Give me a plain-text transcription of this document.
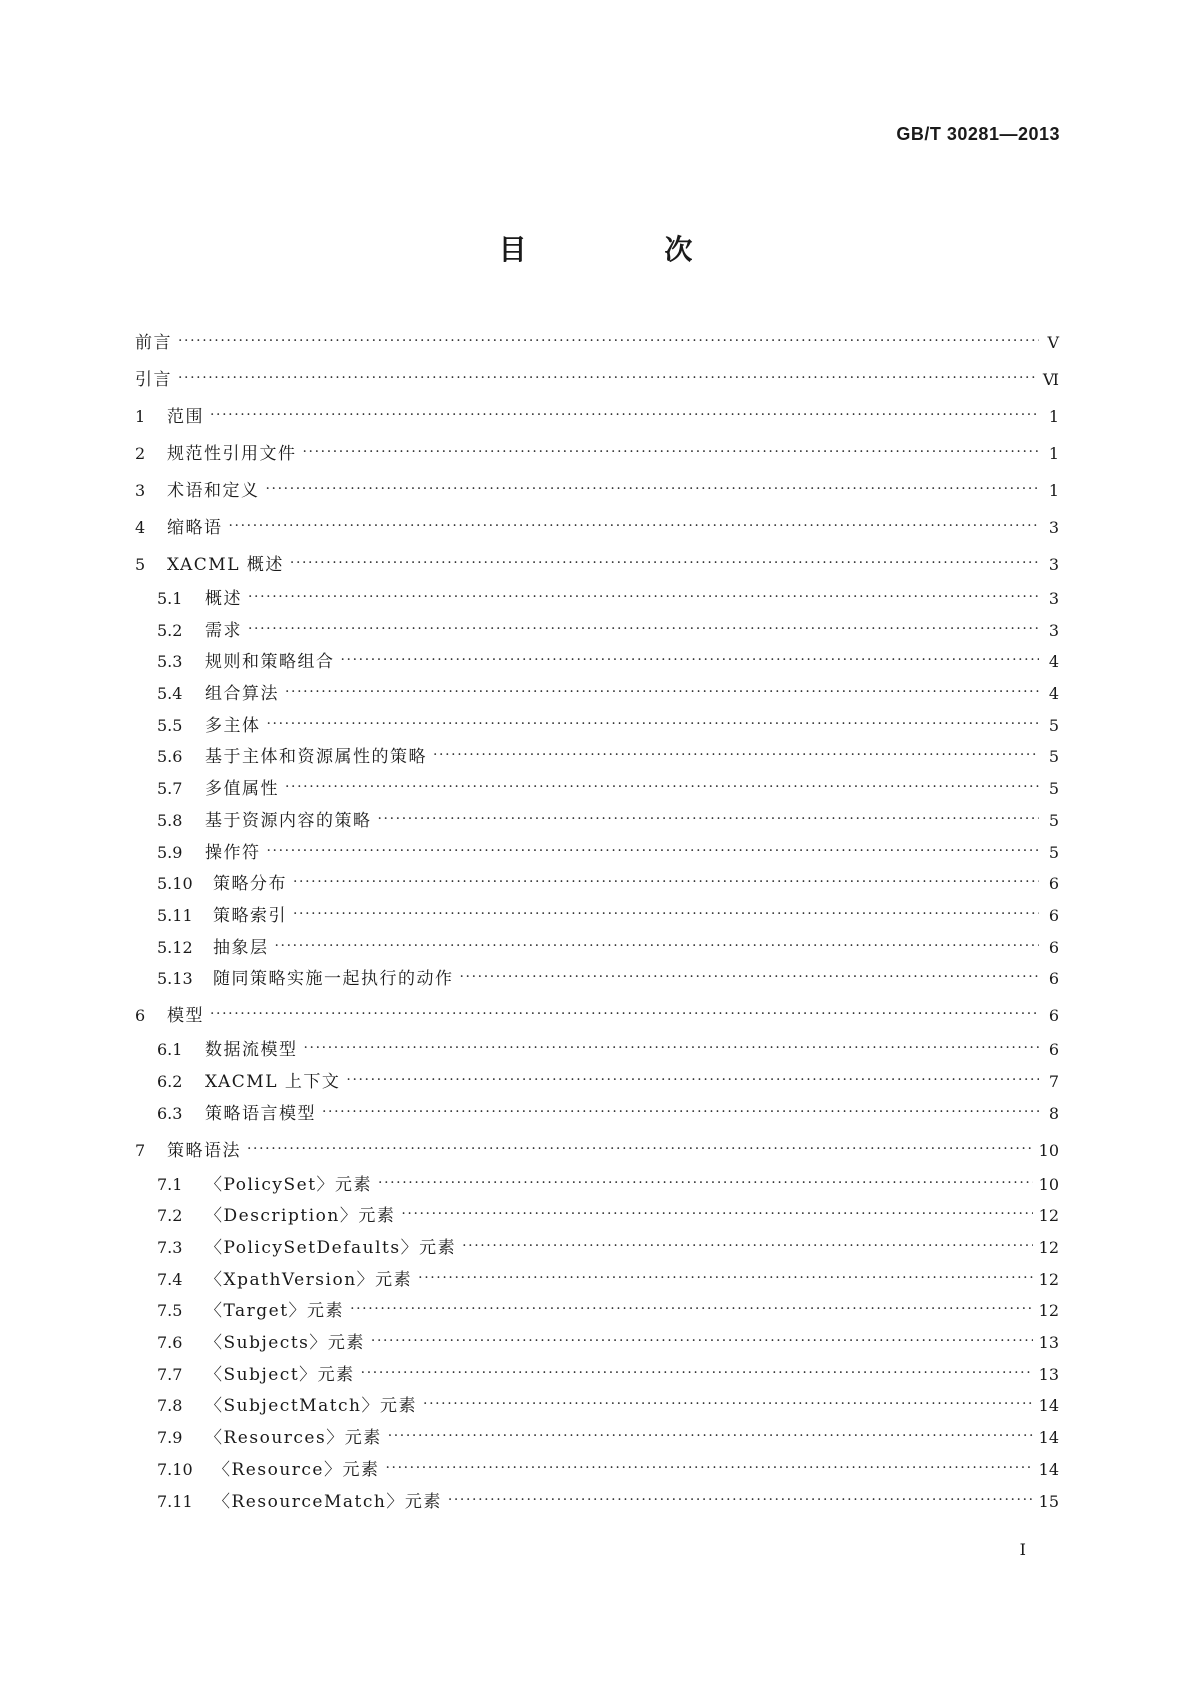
GB/T 30281—2013
目 次
前言 ·····	Ⅴ
引言 ·····	Ⅵ
1	范围 ·····	1
2	规范性引用文件 ·····	1
3	术语和定义 ·····	1
4	缩略语 ·····	3
5	XACML 概述 ·····	3
5.1	概述 ·····	3
5.2	需求 ·····	3
5.3	规则和策略组合 ·····	4
5.4	组合算法 ·····	4
5.5	多主体 ·····	5
5.6	基于主体和资源属性的策略 ·····	5
5.7	多值属性 ·····	5
5.8	基于资源内容的策略 ·····	5
5.9	操作符 ·····	5
5.10	策略分布 ·····	6
5.11	策略索引 ·····	6
5.12	抽象层 ·····	6
5.13	随同策略实施一起执行的动作 ·····	6
6	模型 ·····	6
6.1	数据流模型 ·····	6
6.2	XACML 上下文 ·····	7
6.3	策略语言模型 ·····	8
7	策略语法 ·····	10
7.1	〈PolicySet〉元素 ·····	10
7.2	〈Description〉元素 ·····	12
7.3	〈PolicySetDefaults〉元素 ·····	12
7.4	〈XpathVersion〉元素 ·····	12
7.5	〈Target〉元素 ·····	12
7.6	〈Subjects〉元素 ·····	13
7.7	〈Subject〉元素 ·····	13
7.8	〈SubjectMatch〉元素 ·····	14
7.9	〈Resources〉元素 ·····	14
7.10	〈Resource〉元素 ·····	14
7.11	〈ResourceMatch〉元素 ·····	15
I
